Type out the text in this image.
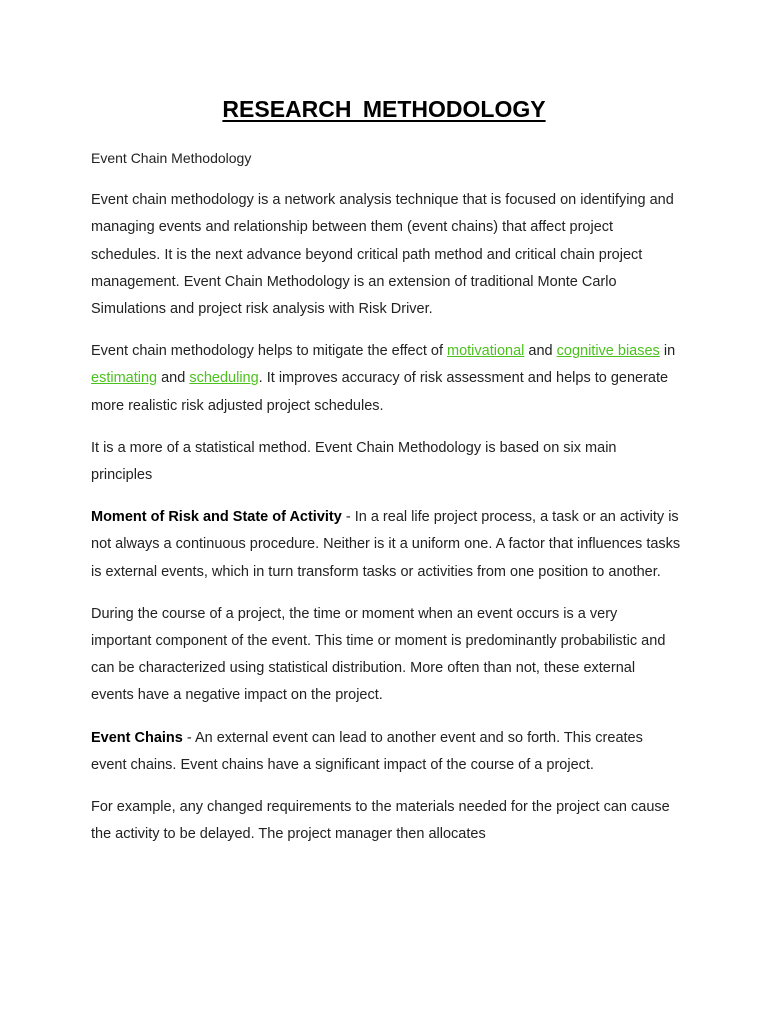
RESEARCH METHODOLOGY

Event Chain Methodology

Event chain methodology is a network analysis technique that is focused on identifying and managing events and relationship between them (event chains) that affect project schedules. It is the next advance beyond critical path method and critical chain project management. Event Chain Methodology is an extension of traditional Monte Carlo Simulations and project risk analysis with Risk Driver.

Event chain methodology helps to mitigate the effect of motivational and cognitive biases in estimating and scheduling. It improves accuracy of risk assessment and helps to generate more realistic risk adjusted project schedules.

It is a more of a statistical method. Event Chain Methodology is based on six main principles

Moment of Risk and State of Activity - In a real life project process, a task or an activity is not always a continuous procedure. Neither is it a uniform one. A factor that influences tasks is external events, which in turn transform tasks or activities from one position to another.

During the course of a project, the time or moment when an event occurs is a very important component of the event. This time or moment is predominantly probabilistic and can be characterized using statistical distribution. More often than not, these external events have a negative impact on the project.

Event Chains - An external event can lead to another event and so forth. This creates event chains. Event chains have a significant impact of the course of a project.

For example, any changed requirements to the materials needed for the project can cause the activity to be delayed. The project manager then allocates
